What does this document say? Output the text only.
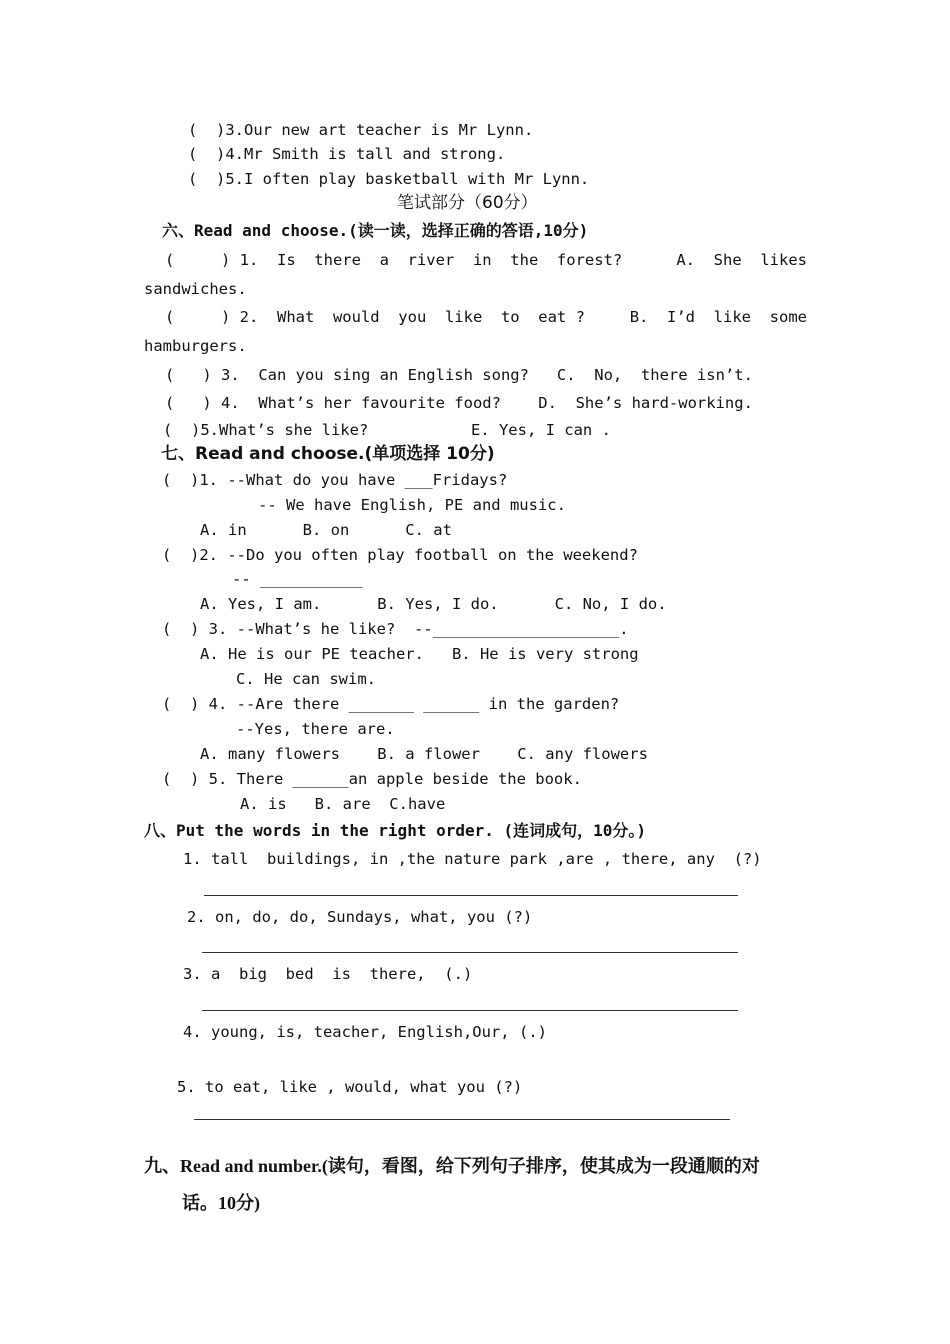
(  )3.Our new art teacher is Mr Lynn.
(  )4.Mr Smith is tall and strong.
(  )5.I often play basketball with Mr Lynn.
笔试部分（60分）
六、Read and choose.(读一读，选择正确的答语,10分)
(     ) 1.  Is  there  a  river  in  the  forest?	A.  She  likes
sandwiches.
(     ) 2.  What  would  you  like  to  eat ?	B.  I’d  like  some
hamburgers.
(   ) 3.  Can you sing an English song?   C.  No,  there isn’t.
(   ) 4.  What’s her favourite food?    D.  She’s hard-working.
(  )5.What’s she like?           E. Yes, I can .
七、Read and choose.(单项选择 10分)
(  )1. --What do you have ___Fridays?
-- We have English, PE and music.
A. in      B. on      C. at
(  )2. --Do you often play football on the weekend?
-- ___________
A. Yes, I am.      B. Yes, I do.      C. No, I do.
(  ) 3. --What’s he like?  --____________________.
A. He is our PE teacher.   B. He is very strong
C. He can swim.
(  ) 4. --Are there _______ ______ in the garden?
--Yes, there are.
A. many flowers    B. a flower    C. any flowers
(  ) 5. There ______an apple beside the book.
A. is   B. are  C.have
八、Put the words in the right order. (连词成句，10分。)
1. tall  buildings, in ,the nature park ,are , there, any  (?)
2. on, do, do, Sundays, what, you (?)
3. a  big  bed  is  there,  (.)
4. young, is, teacher, English,Our, (.)
5. to eat, like , would, what you (?)
九、Read and number.(读句，看图，给下列句子排序，使其成为一段通顺的对
话。10分)
